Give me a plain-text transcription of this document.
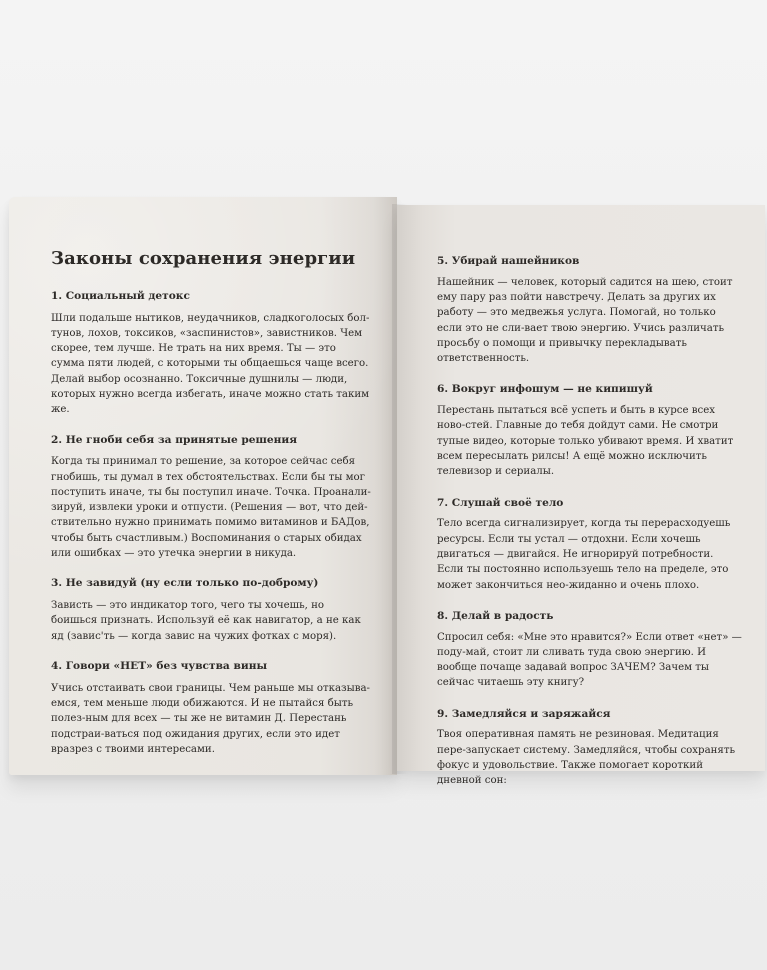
Законы сохранения энергии
1. Социальный детокс

Шли подальше нытиков, неудачников, сладкоголосых бол-тунов, лохов, токсиков, «заспинистов», завистников. Чем скорее, тем лучше. Не трать на них время. Ты — это сумма пяти людей, с которыми ты общаешься чаще всего. Делай выбор осознанно. Токсичные душнилы — люди, которых нужно всегда избегать, иначе можно стать таким же.

2. Не гноби себя за принятые решения

Когда ты принимал то решение, за которое сейчас себя гнобишь, ты думал в тех обстоятельствах. Если бы ты мог поступить иначе, ты бы поступил иначе. Точка. Проанали-зируй, извлеки уроки и отпусти. (Решения — вот, что дей-ствительно нужно принимать помимо витаминов и БАДов, чтобы быть счастливым.) Воспоминания о старых обидах или ошибках — это утечка энергии в никуда.

3. Не завидуй (ну если только по-доброму)

Зависть — это индикатор того, чего ты хочешь, но боишься признать. Используй её как навигатор, а не как яд (завис'ть — когда завис на чужих фотках с моря).

4. Говори «НЕТ» без чувства вины

Учись отстаивать свои границы. Чем раньше мы отказыва-емся, тем меньше люди обижаются. И не пытайся быть полез-ным для всех — ты же не витамин Д. Перестань подстраи-ваться под ожидания других, если это идет вразрез с твоими интересами.

5. Убирай нашейников

Нашейник — человек, который садится на шею, стоит ему пару раз пойти навстречу. Делать за других их работу — это медвежья услуга. Помогай, но только если это не сли-вает твою энергию. Учись различать просьбу о помощи и привычку перекладывать ответственность.

6. Вокруг инфошум — не кипишуй

Перестань пытаться всё успеть и быть в курсе всех ново-стей. Главные до тебя дойдут сами. Не смотри тупые видео, которые только убивают время. И хватит всем пересылать рилсы! А ещё можно исключить телевизор и сериалы.

7. Слушай своё тело

Тело всегда сигнализирует, когда ты перерасходуешь ресурсы. Если ты устал — отдохни. Если хочешь двигаться — двигайся. Не игнорируй потребности. Если ты постоянно используешь тело на пределе, это может закончиться нео-жиданно и очень плохо.

8. Делай в радость

Спросил себя: «Мне это нравится?» Если ответ «нет» — поду-май, стоит ли сливать туда свою энергию. И вообще почаще задавай вопрос ЗАЧЕМ? Зачем ты сейчас читаешь эту книгу?

9. Замедляйся и заряжайся

Твоя оперативная память не резиновая. Медитация пере-запускает систему. Замедляйся, чтобы сохранять фокус и удовольствие. Также помогает короткий дневной сон:
